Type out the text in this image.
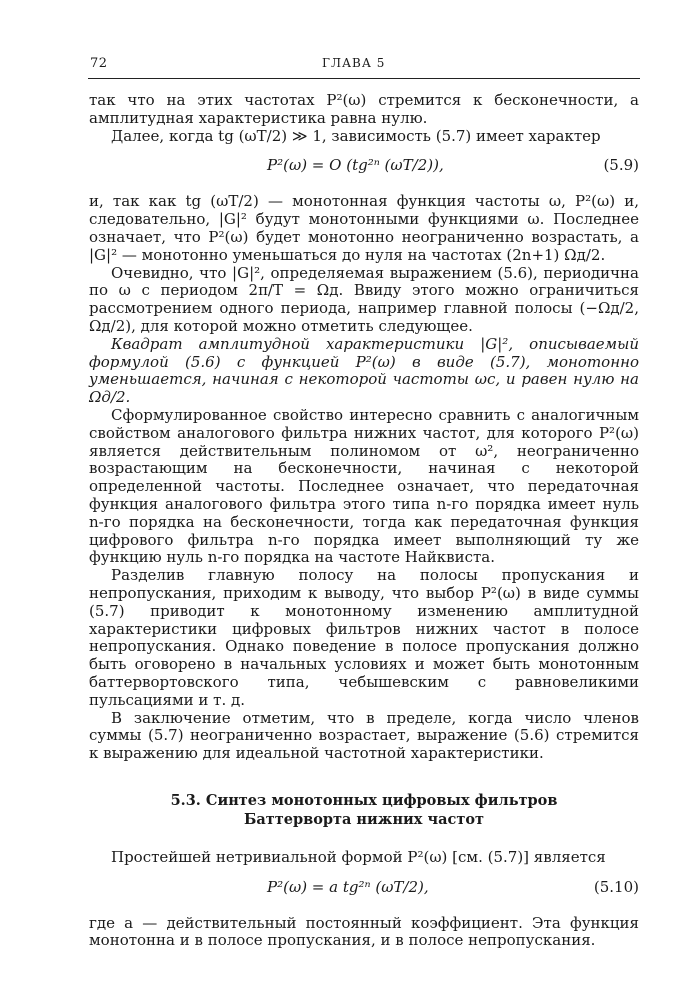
72	ГЛАВА 5

так что на этих частотах P²(ω) стремится к бесконечности, а амплитудная характеристика равна нулю.

Далее, когда tg (ωT/2) ≫ 1, зависимость (5.7) имеет характер

P²(ω) = O (tg²ⁿ (ωT/2)),	(5.9)

и, так как tg (ωT/2) — монотонная функция частоты ω, P²(ω) и, следовательно, |G|² будут монотонными функциями ω. Последнее означает, что P²(ω) будет монотонно неограниченно возрастать, а |G|² — монотонно уменьшаться до нуля на частотах (2n+1) Ωд/2.

Очевидно, что |G|², определяемая выражением (5.6), периодична по ω с периодом 2π/T = Ωд. Ввиду этого можно ограничиться рассмотрением одного периода, например главной полосы (−Ωд/2, Ωд/2), для которой можно отметить следующее.

Квадрат амплитудной характеристики |G|², описываемый формулой (5.6) с функцией P²(ω) в виде (5.7), монотонно уменьшается, начиная с некоторой частоты ωc, и равен нулю на Ωд/2.

Сформулированное свойство интересно сравнить с аналогичным свойством аналогового фильтра нижних частот, для которого P²(ω) является действительным полиномом от ω², неограниченно возрастающим на бесконечности, начиная с некоторой определенной частоты. Последнее означает, что передаточная функция аналогового фильтра этого типа n-го порядка имеет нуль n-го порядка на бесконечности, тогда как передаточная функция цифрового фильтра n-го порядка имеет выполняющий ту же функцию нуль n-го порядка на частоте Найквиста.

Разделив главную полосу на полосы пропускания и непропускания, приходим к выводу, что выбор P²(ω) в виде суммы (5.7) приводит к монотонному изменению амплитудной характеристики цифровых фильтров нижних частот в полосе непропускания. Однако поведение в полосе пропускания должно быть оговорено в начальных условиях и может быть монотонным баттервортовского типа, чебышевским с равновеликими пульсациями и т. д.

В заключение отметим, что в пределе, когда число членов суммы (5.7) неограниченно возрастает, выражение (5.6) стремится к выражению для идеальной частотной характеристики.

5.3. Синтез монотонных цифровых фильтров
Баттерворта нижних частот

Простейшей нетривиальной формой P²(ω) [см. (5.7)] является

P²(ω) = a tg²ⁿ (ωT/2),	(5.10)

где a — действительный постоянный коэффициент. Эта функция монотонна и в полосе пропускания, и в полосе непропускания.
